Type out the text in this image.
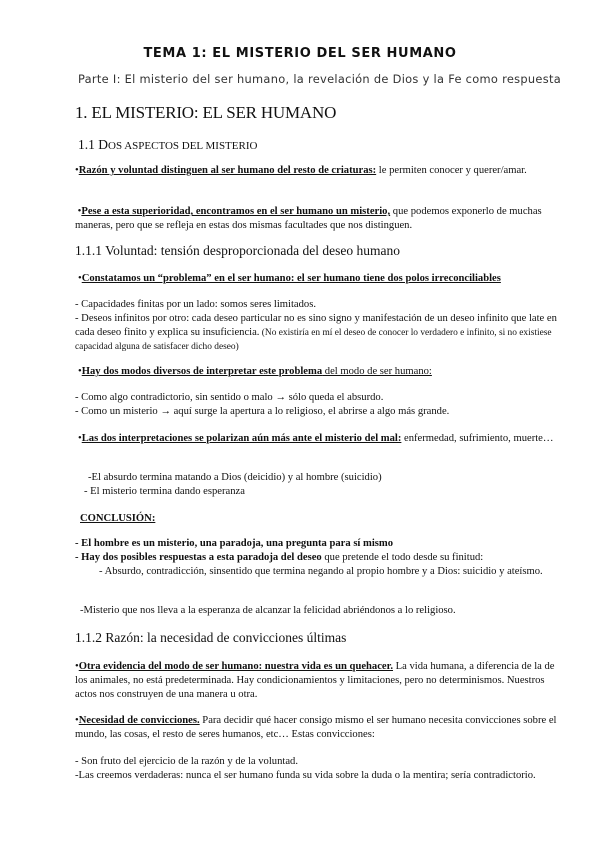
TEMA 1: EL MISTERIO DEL SER HUMANO
Parte I: El misterio del ser humano, la revelación de Dios y la Fe como respuesta
1. EL MISTERIO: EL SER HUMANO
1.1 DOS ASPECTOS DEL MISTERIO
•Razón y voluntad distinguen al ser humano del resto de criaturas: le permiten conocer y querer/amar.
•Pese a esta superioridad, encontramos en el ser humano un misterio, que podemos exponerlo de muchas maneras, pero que se refleja en estas dos mismas facultades que nos distinguen.
1.1.1 Voluntad: tensión desproporcionada del deseo humano
•Constatamos un “problema” en el ser humano: el ser humano tiene dos polos irreconciliables
- Capacidades finitas por un lado: somos seres limitados.
- Deseos infinitos por otro: cada deseo particular no es sino signo y manifestación de un deseo infinito que late en cada deseo finito y explica su insuficiencia. (No existiría en mí el deseo de conocer lo verdadero e infinito, si no existiese capacidad alguna de satisfacer dicho deseo)
•Hay dos modos diversos de interpretar este problema del modo de ser humano:
- Como algo contradictorio, sin sentido o malo → sólo queda el absurdo.
- Como un misterio → aquí surge la apertura a lo religioso, el abrirse a algo más grande.
•Las dos interpretaciones se polarizan aún más ante el misterio del mal: enfermedad, sufrimiento, muerte…
-El absurdo termina matando a Dios (deicidio) y al hombre (suicidio)
- El misterio termina dando esperanza
CONCLUSIÓN:
- El hombre es un misterio, una paradoja, una pregunta para sí mismo
- Hay dos posibles respuestas a esta paradoja del deseo que pretende el todo desde su finitud:
- Absurdo, contradicción, sinsentido que termina negando al propio hombre y a Dios: suicidio y ateísmo.
-Misterio que nos lleva a la esperanza de alcanzar la felicidad abriéndonos a lo religioso.
1.1.2 Razón: la necesidad de convicciones últimas
•Otra evidencia del modo de ser humano: nuestra vida es un quehacer. La vida humana, a diferencia de la de los animales, no está predeterminada. Hay condicionamientos y limitaciones, pero no determinismos. Nuestros actos nos construyen de una manera u otra.
•Necesidad de convicciones. Para decidir qué hacer consigo mismo el ser humano necesita convicciones sobre el mundo, las cosas, el resto de seres humanos, etc… Estas convicciones:
- Son fruto del ejercicio de la razón y de la voluntad.
-Las creemos verdaderas: nunca el ser humano funda su vida sobre la duda o la mentira; sería contradictorio.
